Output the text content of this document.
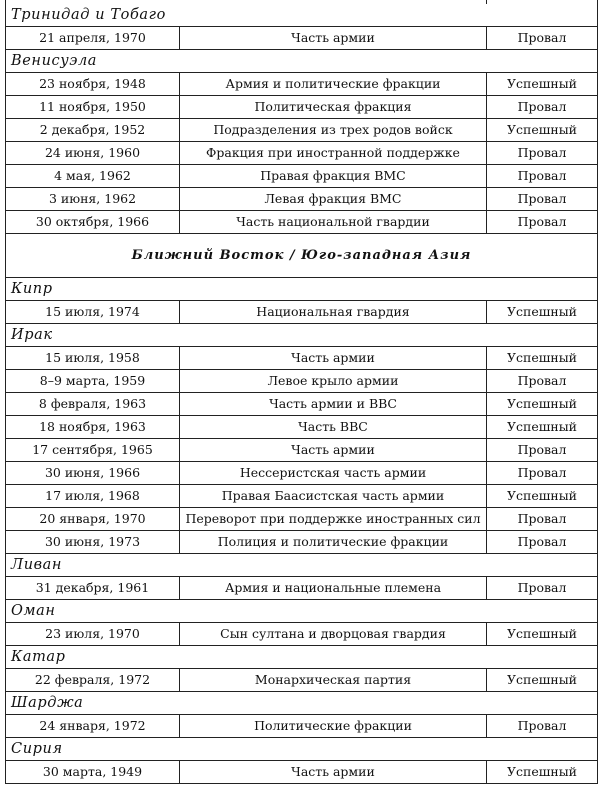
Тринидад и Тобаго
21 апреля, 1970	Часть армии	Провал
Венисуэла
23 ноября, 1948	Армия и политические фракции	Успешный
11 ноября, 1950	Политическая фракция	Провал
2 декабря, 1952	Подразделения из трех родов войск	Успешный
24 июня, 1960	Фракция при иностранной поддержке	Провал
4 мая, 1962	Правая фракция ВМС	Провал
3 июня, 1962	Левая фракция ВМС	Провал
30 октября, 1966	Часть национальной гвардии	Провал
Ближний Восток / Юго-западная Азия
Кипр
15 июля, 1974	Национальная гвардия	Успешный
Ирак
15 июля, 1958	Часть армии	Успешный
8–9 марта, 1959	Левое крыло армии	Провал
8 февраля, 1963	Часть армии и ВВС	Успешный
18 ноября, 1963	Часть ВВС	Успешный
17 сентября, 1965	Часть армии	Провал
30 июня, 1966	Нессеристская часть армии	Провал
17 июля, 1968	Правая Баасистская часть армии	Успешный
20 января, 1970	Переворот при поддержке иностранных сил	Провал
30 июня, 1973	Полиция и политические фракции	Провал
Ливан
31 декабря, 1961	Армия и национальные племена	Провал
Оман
23 июля, 1970	Сын султана и дворцовая гвардия	Успешный
Катар
22 февраля, 1972	Монархическая партия	Успешный
Шарджа
24 января, 1972	Политические фракции	Провал
Сирия
30 марта, 1949	Часть армии	Успешный
